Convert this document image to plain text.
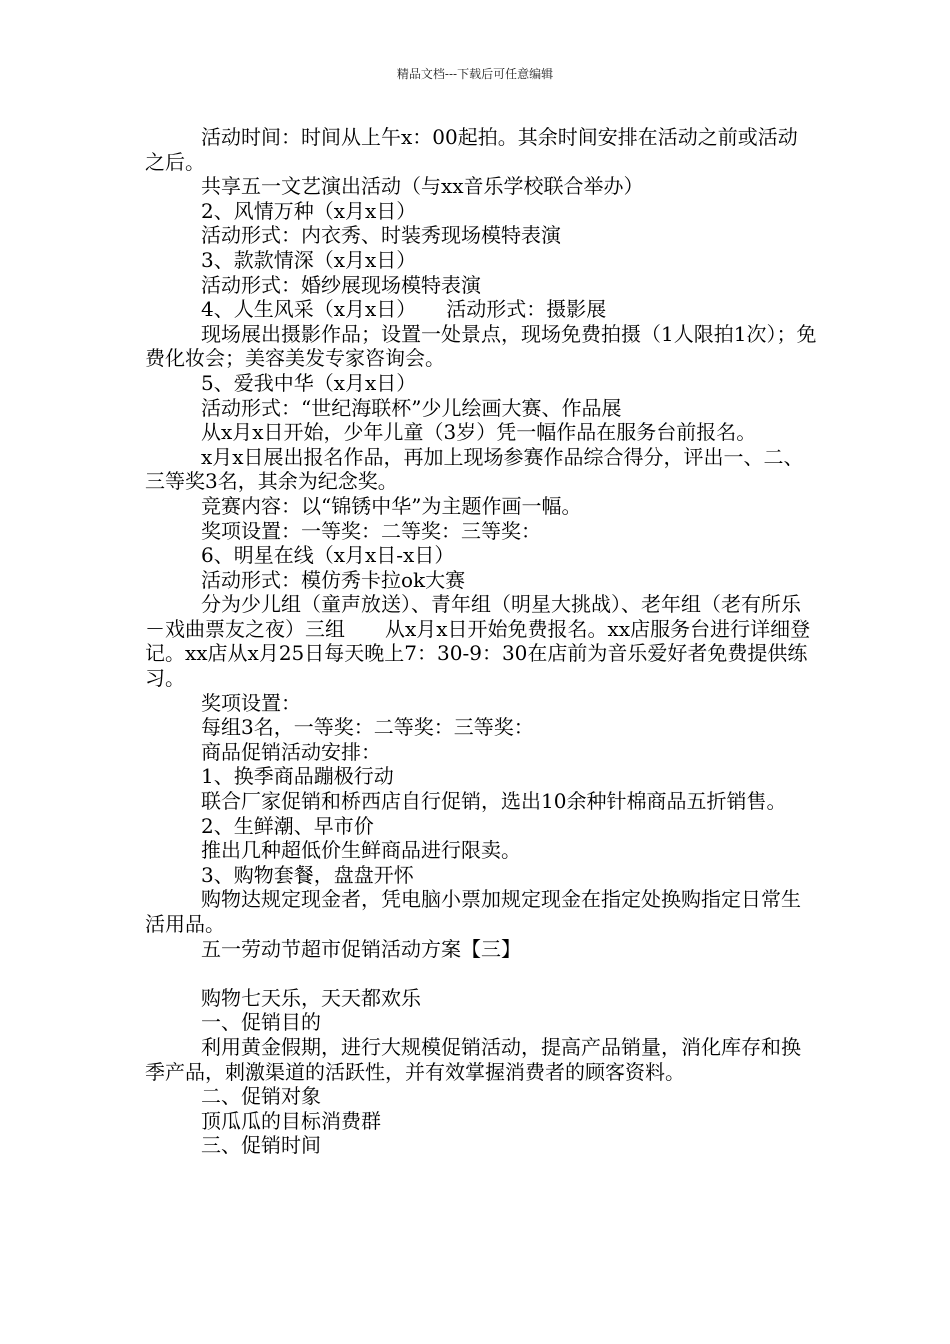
精品文档---下载后可任意编辑

活动时间：时间从上午x：00起拍。其余时间安排在活动之前或活动之后。

共享五一文艺演出活动（与xx音乐学校联合举办）

2、风情万种（x月x日）

活动形式：内衣秀、时装秀现场模特表演

3、款款情深（x月x日）

活动形式：婚纱展现场模特表演

4、人生风采（x月x日）　　活动形式：摄影展

现场展出摄影作品；设置一处景点，现场免费拍摄（1人限拍1次）；免费化妆会；美容美发专家咨询会。

5、爱我中华（x月x日）

活动形式：“世纪海联杯”少儿绘画大赛、作品展

从x月x日开始，少年儿童（3岁）凭一幅作品在服务台前报名。

x月x日展出报名作品，再加上现场参赛作品综合得分，评出一、二、三等奖3名，其余为纪念奖。

竞赛内容：以“锦锈中华”为主题作画一幅。

奖项设置：一等奖：二等奖：三等奖：

6、明星在线（x月x日-x日）

活动形式：模仿秀卡拉ok大赛

分为少儿组（童声放送）、青年组（明星大挑战）、老年组（老有所乐－戏曲票友之夜）三组　　从x月x日开始免费报名。xx店服务台进行详细登记。xx店从x月25日每天晚上7：30-9：30在店前为音乐爱好者免费提供练习。

奖项设置：

每组3名，一等奖：二等奖：三等奖：

商品促销活动安排：

1、换季商品蹦极行动

联合厂家促销和桥西店自行促销，选出10余种针棉商品五折销售。

2、生鲜潮、早市价

推出几种超低价生鲜商品进行限卖。

3、购物套餐，盘盘开怀

购物达规定现金者，凭电脑小票加规定现金在指定处换购指定日常生活用品。

五一劳动节超市促销活动方案【三】

购物七天乐，天天都欢乐

一、促销目的

利用黄金假期，进行大规模促销活动，提高产品销量，消化库存和换季产品，刺激渠道的活跃性，并有效掌握消费者的顾客资料。

二、促销对象

顶瓜瓜的目标消费群

三、促销时间
